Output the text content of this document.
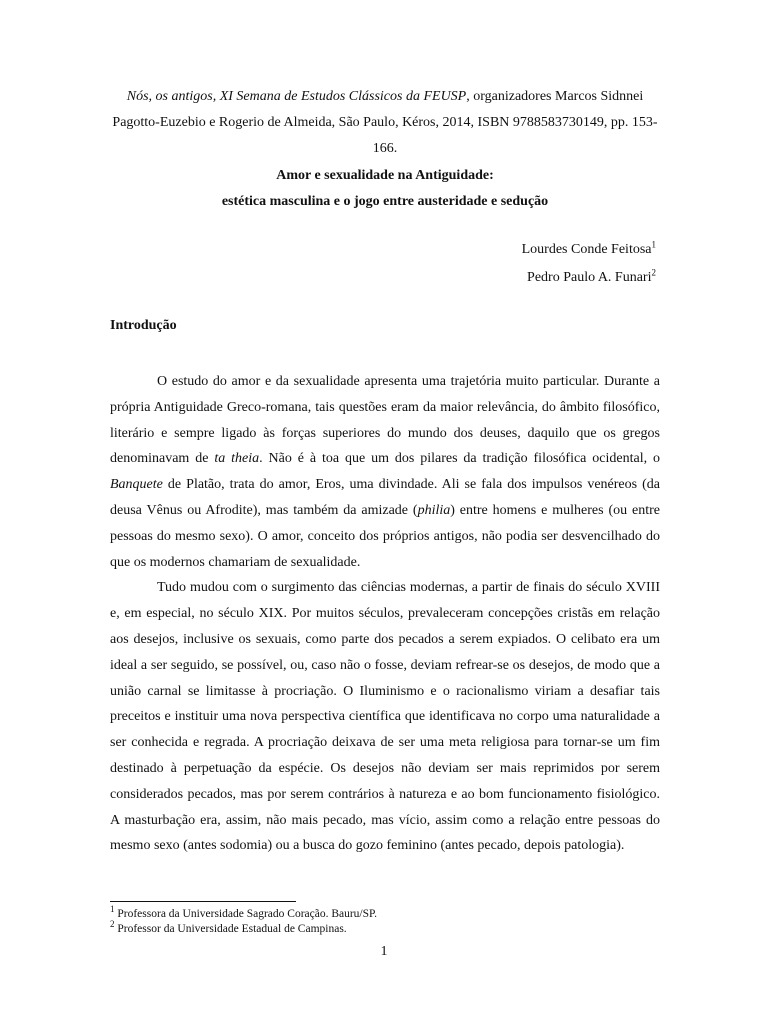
Nós, os antigos, XI Semana de Estudos Clássicos da FEUSP, organizadores Marcos Sidnnei Pagotto-Euzebio e Rogerio de Almeida, São Paulo, Kéros, 2014, ISBN 9788583730149, pp. 153-166.

Amor e sexualidade na Antiguidade:

estética masculina e o jogo entre austeridade e sedução

Lourdes Conde Feitosa$^1$

Pedro Paulo A. Funari$^2$

Introdução

O estudo do amor e da sexualidade apresenta uma trajetória muito particular. Durante a própria Antiguidade Greco-romana, tais questões eram da maior relevância, do âmbito filosófico, literário e sempre ligado às forças superiores do mundo dos deuses, daquilo que os gregos denominavam de ta theia. Não é à toa que um dos pilares da tradição filosófica ocidental, o Banquete de Platão, trata do amor, Eros, uma divindade. Ali se fala dos impulsos venéreos (da deusa Vênus ou Afrodite), mas também da amizade (philia) entre homens e mulheres (ou entre pessoas do mesmo sexo). O amor, conceito dos próprios antigos, não podia ser desvencilhado do que os modernos chamariam de sexualidade.

Tudo mudou com o surgimento das ciências modernas, a partir de finais do século XVIII e, em especial, no século XIX. Por muitos séculos, prevaleceram concepções cristãs em relação aos desejos, inclusive os sexuais, como parte dos pecados a serem expiados. O celibato era um ideal a ser seguido, se possível, ou, caso não o fosse, deviam refrear-se os desejos, de modo que a união carnal se limitasse à procriação. O Iluminismo e o racionalismo viriam a desafiar tais preceitos e instituir uma nova perspectiva científica que identificava no corpo uma naturalidade a ser conhecida e regrada. A procriação deixava de ser uma meta religiosa para tornar-se um fim destinado à perpetuação da espécie. Os desejos não deviam ser mais reprimidos por serem considerados pecados, mas por serem contrários à natureza e ao bom funcionamento fisiológico. A masturbação era, assim, não mais pecado, mas vício, assim como a relação entre pessoas do mesmo sexo (antes sodomia) ou a busca do gozo feminino (antes pecado, depois patologia).

$^1$ Professora da Universidade Sagrado Coração. Bauru/SP.

$^2$ Professor da Universidade Estadual de Campinas.

1
